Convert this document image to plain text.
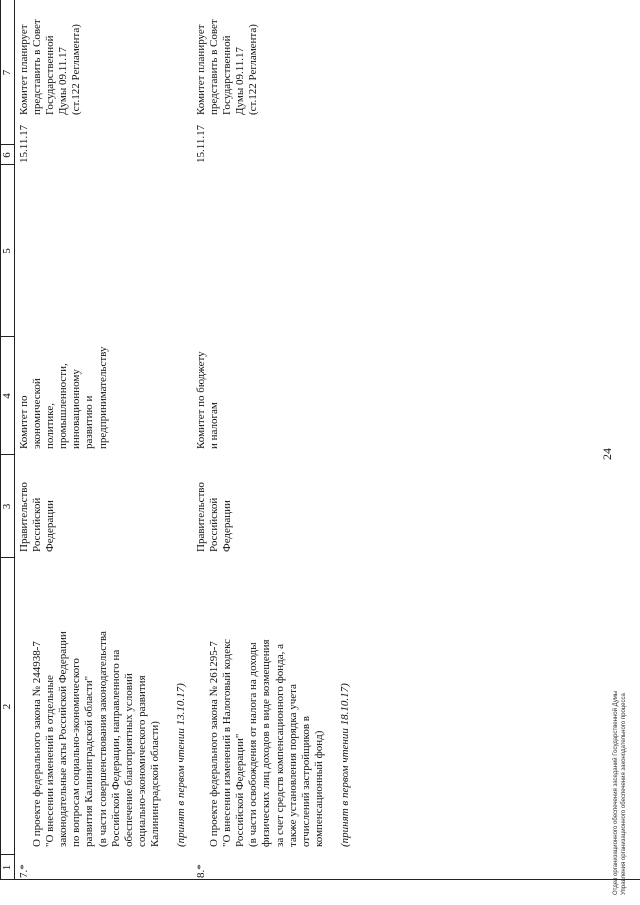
24
1
2
3
4
5
6
7
7.*

О проекте федерального закона № 244938-7
"О внесении изменений в отдельные
законодательные акты Российской Федерации
по вопросам социально-экономического
развития Калининградской области"
(в части совершенствования законодательства
Российской Федерации, направленного на
обеспечение благоприятных условий
социально-экономического развития
Калининградской области) (принят в первом чтении 13.10.17)

Правительство
Российской
Федерации
Комитет по
экономической
политике,
промышленности,
инновационному
развитию и
предпринимательству
15.11.17
Комитет планирует
представить в Совет
Государственной
Думы 09.11.17
(ст.122 Регламента)
8.*

О проекте федерального закона № 261295-7
"О внесении изменений в Налоговый кодекс
Российской Федерации"
(в части освобождения от налога на доходы
физических лиц доходов в виде возмещения
за счет средств компенсационного фонда, а
также установления порядка учета
отчислений застройщиков в
компенсационный фонд) (принят в первом чтении 18.10.17)

Правительство
Российской
Федерации
Комитет по бюджету
и налогам
15.11.17
Комитет планирует
представить в Совет
Государственной
Думы 09.11.17
(ст.122 Регламента)
Отдел организационного обеспечения заседаний Государственной Думы Управления организационного обеспечения законодательного процесса
